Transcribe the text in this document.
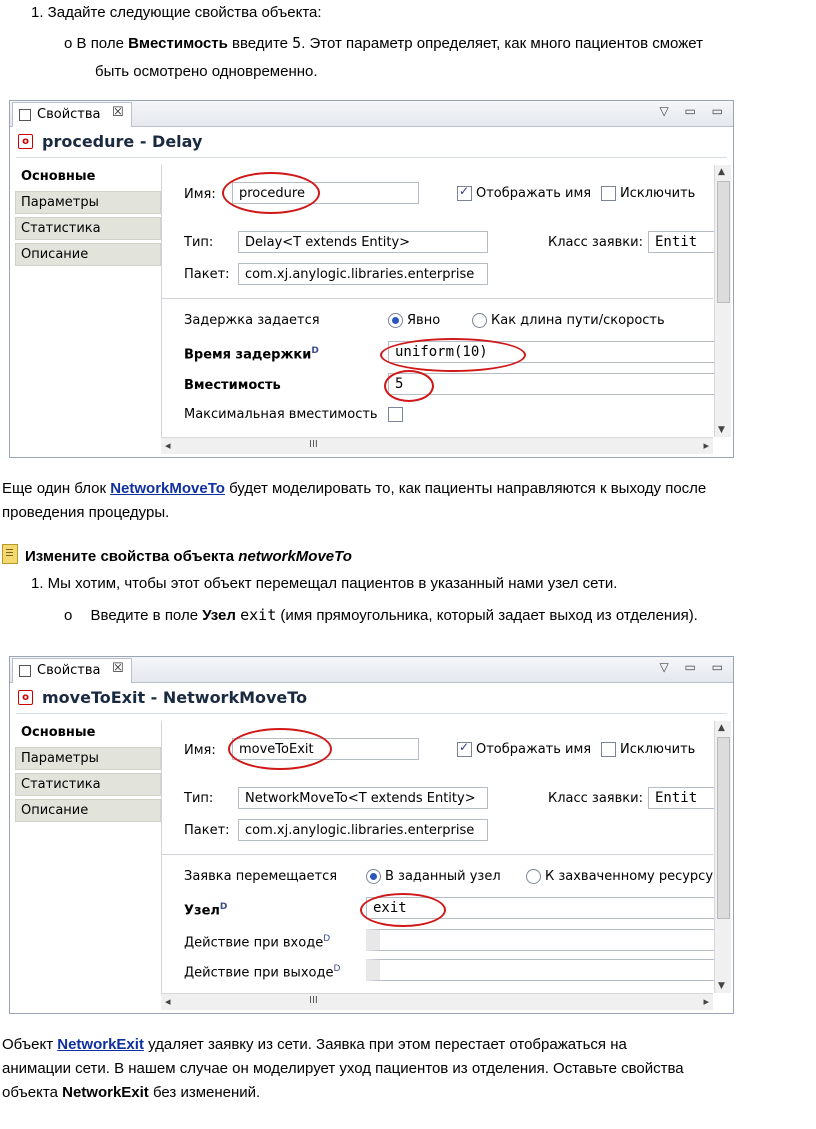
1. Задайте следующие свойства объекта:
o В поле Вместимость введите 5. Этот параметр определяет, как много пациентов сможет
быть осмотрено одновременно.
Свойства ☒	▽ ▭ ▭
o procedure - Delay
Основные
Параметры
Статистика
Описание
Имя:	procedure ✓	Отображать имя Исключить
Тип:	Delay<T extends Entity>	Класс заявки: Entit
Пакет:	com.xj.anylogic.libraries.enterprise
Задержка задается	Явно	Как длина пути/скорость
Время задержки$^D$	uniform(10)
Вместимость	5
Максимальная вместимость
▲
▼
◂	III	▸
Еще один блок NetworkMoveTo будет моделировать то, как пациенты направляются к выходу после
проведения процедуры.
Измените свойства объекта networkMoveTo
1. Мы хотим, чтобы этот объект перемещал пациентов в указанный нами узел сети.
o Введите в поле Узел exit (имя прямоугольника, который задает выход из отделения).
Свойства ☒	▽ ▭ ▭
o moveToExit - NetworkMoveTo
Основные
Параметры
Статистика
Описание
Имя:	moveToExit ✓	Отображать имя Исключить
Тип:	NetworkMoveTo<T extends Entity>	Класс заявки: Entit
Пакет:	com.xj.anylogic.libraries.enterprise
Заявка перемещается	В заданный узел	К захваченному ресурсу
Узел$^D$	exit
Действие при входе$^D$
Действие при выходе$^D$
▲
▼
◂	III	▸
Объект NetworkExit удаляет заявку из сети. Заявка при этом перестает отображаться на
анимации сети. В нашем случае он моделирует уход пациентов из отделения. Оставьте свойства
объекта NetworkExit без изменений.
